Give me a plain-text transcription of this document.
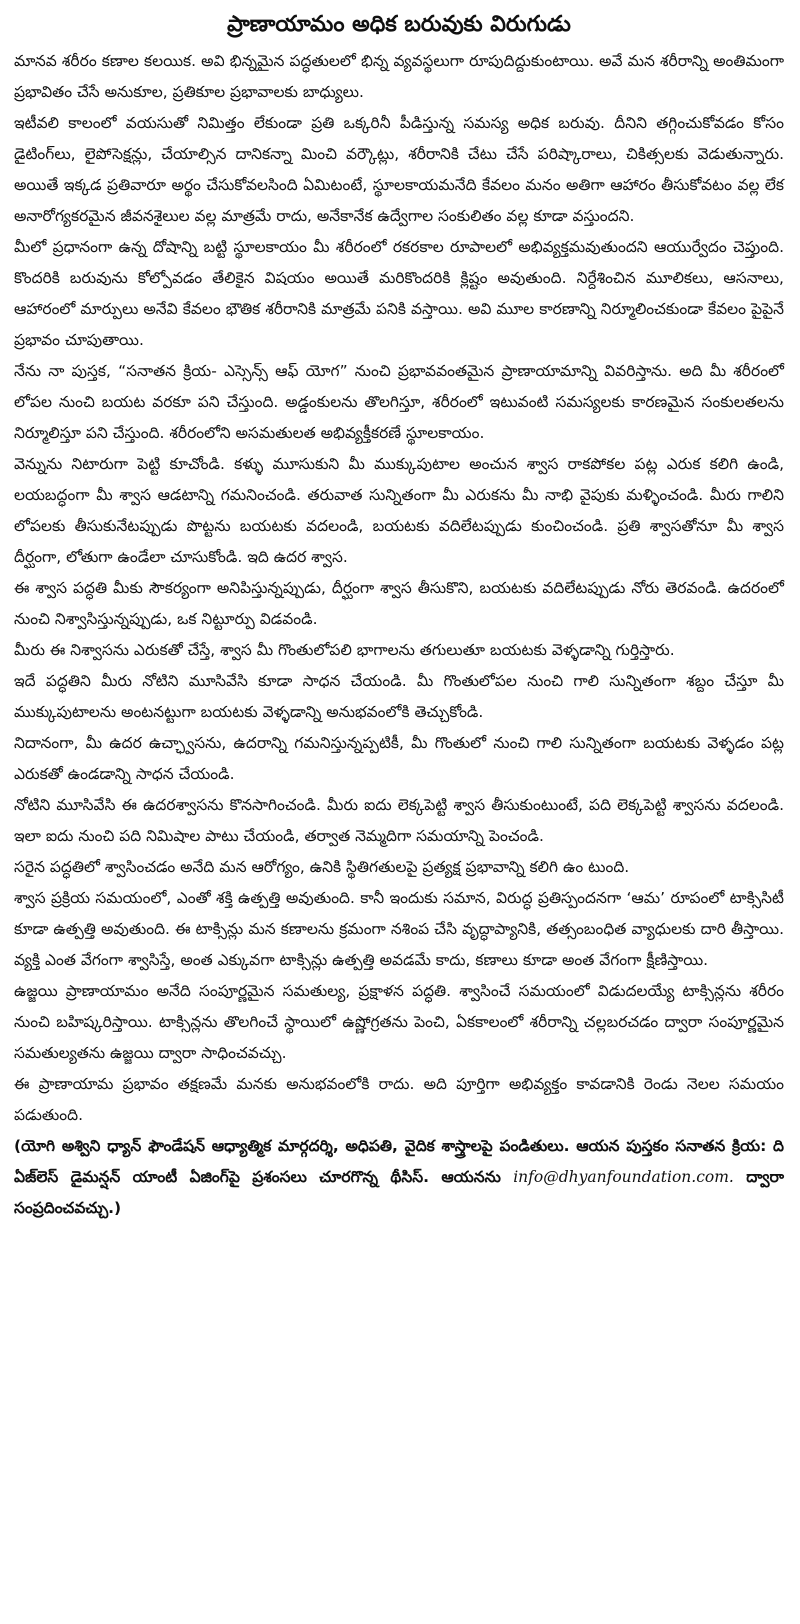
ప్రాణాయామం అధిక బరువుకు విరుగుడు

మానవ శరీరం కణాల కలయిక. అవి భిన్నమైన పద్ధతులలో భిన్న వ్యవస్థలుగా రూపుదిద్దుకుంటాయి. అవే మన శరీరాన్ని అంతిమంగా ప్రభావితం చేసే అనుకూల, ప్రతికూల ప్రభావాలకు బాధ్యులు.

ఇటీవలి కాలంలో వయసుతో నిమిత్తం లేకుండా ప్రతి ఒక్కరినీ పీడిస్తున్న సమస్య అధిక బరువు. దీనిని తగ్గించుకోవడం కోసం డైటింగ్‌లు, లైపోసెక్షన్లు, చేయాల్సిన దానికన్నా మించి వర్కౌట్లు, శరీరానికి చేటు చేసే పరిష్కారాలు, చికిత్సలకు వెడుతున్నారు. అయితే ఇక్కడ ప్రతివారూ అర్థం చేసుకోవలసింది ఏమిటంటే, స్థూలకాయమనేది కేవలం మనం అతిగా ఆహారం తీసుకోవటం వల్ల లేక అనారోగ్యకరమైన జీవనశైలుల వల్ల మాత్రమే రాదు, అనేకానేక ఉద్వేగాల సంకులితం వల్ల కూడా వస్తుందని.

మీలో ప్రధానంగా ఉన్న దోషాన్ని బట్టి స్థూలకాయం మీ శరీరంలో రకరకాల రూపాలలో అభివ్యక్తమవుతుందని ఆయుర్వేదం చెప్తుంది. కొందరికి బరువును కోల్పోవడం తేలికైన విషయం అయితే మరికొందరికి క్లిష్టం అవుతుంది. నిర్దేశించిన మూలికలు, ఆసనాలు, ఆహారంలో మార్పులు అనేవి కేవలం భౌతిక శరీరానికి మాత్రమే పనికి వస్తాయి. అవి మూల కారణాన్ని నిర్మూలించకుండా కేవలం పైపైనే ప్రభావం చూపుతాయి.

నేను నా పుస్తక, “సనాతన క్రియ- ఎస్సెన్స్ ఆఫ్ యోగ” నుంచి ప్రభావవంతమైన ప్రాణాయామాన్ని వివరిస్తాను. అది మీ శరీరంలో లోపల నుంచి బయట వరకూ పని చేస్తుంది. అడ్డంకులను తొలగిస్తూ, శరీరంలో ఇటువంటి సమస్యలకు కారణమైన సంకులతలను నిర్మూలిస్తూ పని చేస్తుంది. శరీరంలోని అసమతులత అభివ్యక్తీకరణే స్థూలకాయం.

వెన్నును నిటారుగా పెట్టి కూచోండి. కళ్ళు మూసుకుని మీ ముక్కుపుటాల అంచున శ్వాస రాకపోకల పట్ల ఎరుక కలిగి ఉండి, లయబద్ధంగా మీ శ్వాస ఆడటాన్ని గమనించండి. తరువాత సున్నితంగా మీ ఎరుకను మీ నాభి వైపుకు మళ్ళించండి. మీరు గాలిని లోపలకు తీసుకునేటప్పుడు పొట్టను బయటకు వదలండి, బయటకు వదిలేటప్పుడు కుంచించండి. ప్రతి శ్వాసతోనూ మీ శ్వాస దీర్ఘంగా, లోతుగా ఉండేలా చూసుకోండి. ఇది ఉదర శ్వాస.

ఈ శ్వాస పద్ధతి మీకు సౌకర్యంగా అనిపిస్తున్నప్పుడు, దీర్ఘంగా శ్వాస తీసుకొని, బయటకు వదిలేటప్పుడు నోరు తెరవండి. ఉదరంలో నుంచి నిశ్వాసిస్తున్నప్పుడు, ఒక నిట్టూర్పు విడవండి.

మీరు ఈ నిశ్వాసను ఎరుకతో చేస్తే, శ్వాస మీ గొంతులోపలి భాగాలను తగులుతూ బయటకు వెళ్ళడాన్ని గుర్తిస్తారు.

ఇదే పద్ధతిని మీరు నోటిని మూసివేసి కూడా సాధన చేయండి. మీ గొంతులోపల నుంచి గాలి సున్నితంగా శబ్దం చేస్తూ మీ ముక్కుపుటాలను అంటనట్టుగా బయటకు వెళ్ళడాన్ని అనుభవంలోకి తెచ్చుకోండి.

నిదానంగా, మీ ఉదర ఉచ్ఛ్వాసను, ఉదరాన్ని గమనిస్తున్నప్పటికీ, మీ గొంతులో నుంచి గాలి సున్నితంగా బయటకు వెళ్ళడం పట్ల ఎరుకతో ఉండడాన్ని సాధన చేయండి.

నోటిని మూసివేసి ఈ ఉదరశ్వాసను కొనసాగించండి. మీరు ఐదు లెక్కపెట్టి శ్వాస తీసుకుంటుంటే, పది లెక్కపెట్టి శ్వాసను వదలండి. ఇలా ఐదు నుంచి పది నిమిషాల పాటు చేయండి, తర్వాత నెమ్మదిగా సమయాన్ని పెంచండి.

సరైన పద్ధతిలో శ్వాసించడం అనేది మన ఆరోగ్యం, ఉనికి స్థితిగతులపై ప్రత్యక్ష ప్రభావాన్ని కలిగి ఉం టుంది.

శ్వాస ప్రక్రియ సమయంలో, ఎంతో శక్తి ఉత్పత్తి అవుతుంది. కానీ ఇందుకు సమాన, విరుద్ధ ప్రతిస్పందనగా ‘ఆమ’ రూపంలో టాక్సిసిటీ కూడా ఉత్పత్తి అవుతుంది. ఈ టాక్సిన్లు మన కణాలను క్రమంగా నశింప చేసి వృద్ధాప్యానికి, తత్సంబంధిత వ్యాధులకు దారి తీస్తాయి. వ్యక్తి ఎంత వేగంగా శ్వాసిస్తే, అంత ఎక్కువగా టాక్సిన్లు ఉత్పత్తి అవడమే కాదు, కణాలు కూడా అంత వేగంగా క్షీణిస్తాయి.

ఉజ్జయి ప్రాణాయామం అనేది సంపూర్ణమైన సమతుల్య, ప్రక్షాళన పద్ధతి. శ్వాసించే సమయంలో విడుదలయ్యే టాక్సిన్లను శరీరం నుంచి బహిష్కరిస్తాయి. టాక్సిన్లను తొలగించే స్థాయిలో ఉష్ణోగ్రతను పెంచి, ఏకకాలంలో శరీరాన్ని చల్లబరచడం ద్వారా సంపూర్ణమైన సమతుల్యతను ఉజ్జయి ద్వారా సాధించవచ్చు.

ఈ ప్రాణాయామ ప్రభావం తక్షణమే మనకు అనుభవంలోకి రాదు. అది పూర్తిగా అభివ్యక్తం కావడానికి రెండు నెలల సమయం పడుతుంది.

(యోగి అశ్విని ధ్యాన్ ఫౌండేషన్ ఆధ్యాత్మిక మార్గదర్శి, అధిపతి, వైదిక శాస్త్రాలపై పండితులు. ఆయన పుస్తకం సనాతన క్రియ: ది ఏజ్‌లెస్ డైమన్షన్ యాంటీ ఏజింగ్‌పై ప్రశంసలు చూరగొన్న థీసిస్. ఆయనను info@dhyanfoundation.com. ద్వారా సంప్రదించవచ్చు.)
